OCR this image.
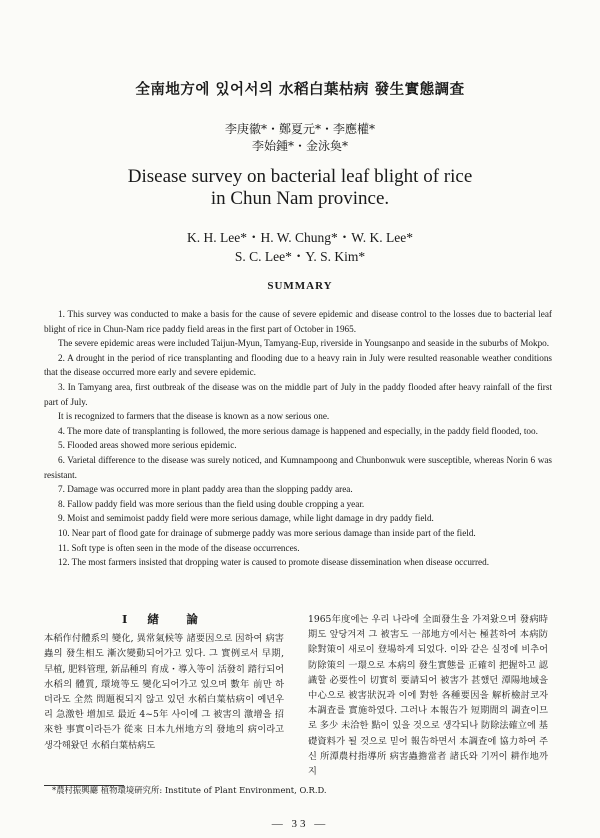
全南地方에 있어서의 水稻白葉枯病 發生實態調査
李庚徽*・鄭夏元*・李應權*
李始鍾*・金泳奐*
Disease survey on bacterial leaf blight of rice
in Chun Nam province.
K. H. Lee*・H. W. Chung*・W. K. Lee*
S. C. Lee*・Y. S. Kim*
SUMMARY

1. This survey was conducted to make a basis for the cause of severe epidemic and disease control to the losses due to bacterial leaf blight of rice in Chun-Nam rice paddy field areas in the first part of October in 1965.

The severe epidemic areas were included Taijun-Myun, Tamyang-Eup, riverside in Youngsanpo and seaside in the suburbs of Mokpo.

2. A drought in the period of rice transplanting and flooding due to a heavy rain in July were resulted reasonable weather conditions that the disease occurred more early and severe epidemic.

3. In Tamyang area, first outbreak of the disease was on the middle part of July in the paddy flooded after heavy rainfall of the first part of July.

It is recognized to farmers that the disease is known as a now serious one.

4. The more date of transplanting is followed, the more serious damage is happened and especially, in the paddy field flooded, too.

5. Flooded areas showed more serious epidemic.

6. Varietal difference to the disease was surely noticed, and Kumnampoong and Chunbonwuk were susceptible, whereas Norin 6 was resistant.

7. Damage was occurred more in plant paddy area than the slopping paddy area.

8. Fallow paddy field was more serious than the field using double cropping a year.

9. Moist and semimoist paddy field were more serious damage, while light damage in dry paddy field.

10. Near part of flood gate for drainage of submerge paddy was more serious damage than inside part of the field.

11. Soft type is often seen in the mode of the disease occurrences.

12. The most farmers insisted that dropping water is caused to promote disease dissemination when disease occurred.

Ⅰ 緖　論

本稻作付體系의 變化, 異常氣候等 諸要因으로 因하여 病害蟲의 發生相도 漸次變動되어가고 있다. 그 實例로서 早期, 早植, 肥料管理, 新品種의 育成・導入等이 活發히 踏行되어 水稻의 體質, 環境等도 變化되어가고 있으며 數年 前만 하더라도 全然 問題視되지 않고 있던 水稻白葉枯病이 예년우리 急激한 增加로 最近 4~5年 사이에 그 被害의 激增을 招來한 事實이라든가 從來 日本九州地方의 發地의 病이라고 생각해왔던 水稻白葉枯病도

1965年度에는 우리 나라에 全面發生을 가져왔으며 發病時期도 앞당겨져 그 被害도 一部地方에서는 極甚하여 本病防除對策이 새로이 登場하게 되었다. 이와 같은 실정에 비추어 防除策의 一環으로 本病의 發生實態를 正確히 把握하고 認識할 必要性이 切實히 要請되어 被害가 甚했던 潭陽地域을 中心으로 被害狀況과 이에 對한 各種要因을 解析檢討코자 本調査를 實施하였다. 그러나 本報告가 短期間의 調査이므로 多少 未洽한 點이 있을 것으로 생각되나 防除法確立에 基礎資料가 될 것으로 믿어 報告하면서 本調査에 協力하여 주신 所潭農村指導所 病害蟲擔當者 諸氏와 기꺼이 耕作地까지

*農村振興廳 植物環境硏究所: Institute of Plant Environment, O.R.D.
— 33 —
